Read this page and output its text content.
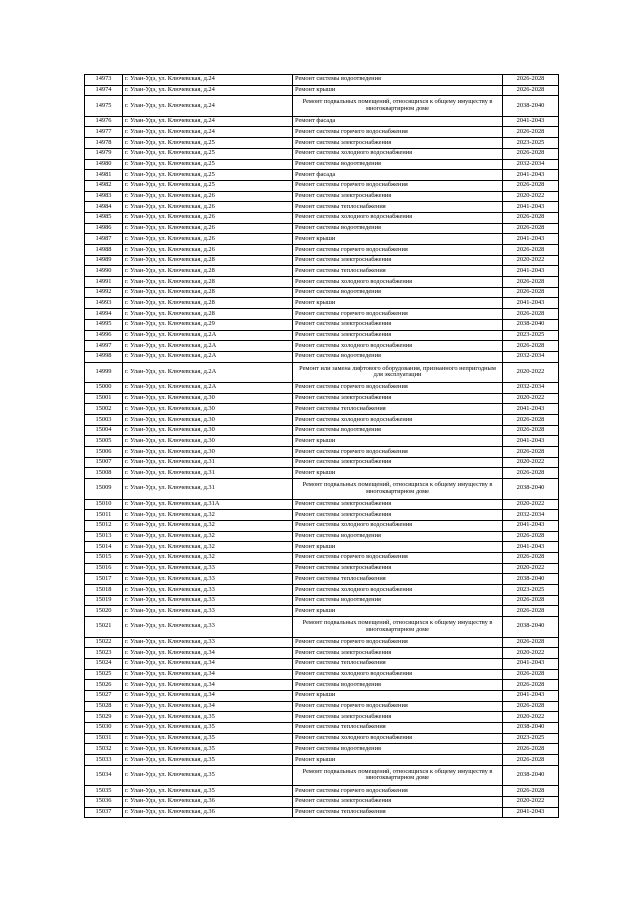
14973	г. Улан-Удэ, ул. Ключевская, д.24	Ремонт системы водоотведения	2026-2028
14974	г. Улан-Удэ, ул. Ключевская, д.24	Ремонт крыши	2026-2028
14975	г. Улан-Удэ, ул. Ключевская, д.24	Ремонт подвальных помещений, относящихся к общему имуществу в многоквартирном доме	2038-2040
14976	г. Улан-Удэ, ул. Ключевская, д.24	Ремонт фасада	2041-2043
14977	г. Улан-Удэ, ул. Ключевская, д.24	Ремонт системы горячего водоснабжения	2026-2028
14978	г. Улан-Удэ, ул. Ключевская, д.25	Ремонт системы электроснабжения	2023-2025
14979	г. Улан-Удэ, ул. Ключевская, д.25	Ремонт системы холодного водоснабжения	2026-2028
14980	г. Улан-Удэ, ул. Ключевская, д.25	Ремонт системы водоотведения	2032-2034
14981	г. Улан-Удэ, ул. Ключевская, д.25	Ремонт фасада	2041-2043
14982	г. Улан-Удэ, ул. Ключевская, д.25	Ремонт системы горячего водоснабжения	2026-2028
14983	г. Улан-Удэ, ул. Ключевская, д.26	Ремонт системы электроснабжения	2020-2022
14984	г. Улан-Удэ, ул. Ключевская, д.26	Ремонт системы теплоснабжения	2041-2043
14985	г. Улан-Удэ, ул. Ключевская, д.26	Ремонт системы холодного водоснабжения	2026-2028
14986	г. Улан-Удэ, ул. Ключевская, д.26	Ремонт системы водоотведения	2026-2028
14987	г. Улан-Удэ, ул. Ключевская, д.26	Ремонт крыши	2041-2043
14988	г. Улан-Удэ, ул. Ключевская, д.26	Ремонт системы горячего водоснабжения	2026-2028
14989	г. Улан-Удэ, ул. Ключевская, д.28	Ремонт системы электроснабжения	2020-2022
14990	г. Улан-Удэ, ул. Ключевская, д.28	Ремонт системы теплоснабжения	2041-2043
14991	г. Улан-Удэ, ул. Ключевская, д.28	Ремонт системы холодного водоснабжения	2026-2028
14992	г. Улан-Удэ, ул. Ключевская, д.28	Ремонт системы водоотведения	2026-2028
14993	г. Улан-Удэ, ул. Ключевская, д.28	Ремонт крыши	2041-2043
14994	г. Улан-Удэ, ул. Ключевская, д.28	Ремонт системы горячего водоснабжения	2026-2028
14995	г. Улан-Удэ, ул. Ключевская, д.29	Ремонт системы электроснабжения	2038-2040
14996	г. Улан-Удэ, ул. Ключевская, д.2А	Ремонт системы электроснабжения	2023-2025
14997	г. Улан-Удэ, ул. Ключевская, д.2А	Ремонт системы холодного водоснабжения	2026-2028
14998	г. Улан-Удэ, ул. Ключевская, д.2А	Ремонт системы водоотведения	2032-2034
14999	г. Улан-Удэ, ул. Ключевская, д.2А	Ремонт или замена лифтового оборудования, признанного непригодным для эксплуатации	2020-2022
15000	г. Улан-Удэ, ул. Ключевская, д.2А	Ремонт системы горячего водоснабжения	2032-2034
15001	г. Улан-Удэ, ул. Ключевская, д.30	Ремонт системы электроснабжения	2020-2022
15002	г. Улан-Удэ, ул. Ключевская, д.30	Ремонт системы теплоснабжения	2041-2043
15003	г. Улан-Удэ, ул. Ключевская, д.30	Ремонт системы холодного водоснабжения	2026-2028
15004	г. Улан-Удэ, ул. Ключевская, д.30	Ремонт системы водоотведения	2026-2028
15005	г. Улан-Удэ, ул. Ключевская, д.30	Ремонт крыши	2041-2043
15006	г. Улан-Удэ, ул. Ключевская, д.30	Ремонт системы горячего водоснабжения	2026-2028
15007	г. Улан-Удэ, ул. Ключевская, д.31	Ремонт системы электроснабжения	2020-2022
15008	г. Улан-Удэ, ул. Ключевская, д.31	Ремонт крыши	2026-2028
15009	г. Улан-Удэ, ул. Ключевская, д.31	Ремонт подвальных помещений, относящихся к общему имуществу в многоквартирном доме	2038-2040
15010	г. Улан-Удэ, ул. Ключевская, д.31А	Ремонт системы электроснабжения	2020-2022
15011	г. Улан-Удэ, ул. Ключевская, д.32	Ремонт системы электроснабжения	2032-2034
15012	г. Улан-Удэ, ул. Ключевская, д.32	Ремонт системы холодного водоснабжения	2041-2043
15013	г. Улан-Удэ, ул. Ключевская, д.32	Ремонт системы водоотведения	2026-2028
15014	г. Улан-Удэ, ул. Ключевская, д.32	Ремонт крыши	2041-2043
15015	г. Улан-Удэ, ул. Ключевская, д.32	Ремонт системы горячего водоснабжения	2026-2028
15016	г. Улан-Удэ, ул. Ключевская, д.33	Ремонт системы электроснабжения	2020-2022
15017	г. Улан-Удэ, ул. Ключевская, д.33	Ремонт системы теплоснабжения	2038-2040
15018	г. Улан-Удэ, ул. Ключевская, д.33	Ремонт системы холодного водоснабжения	2023-2025
15019	г. Улан-Удэ, ул. Ключевская, д.33	Ремонт системы водоотведения	2026-2028
15020	г. Улан-Удэ, ул. Ключевская, д.33	Ремонт крыши	2026-2028
15021	г. Улан-Удэ, ул. Ключевская, д.33	Ремонт подвальных помещений, относящихся к общему имуществу в многоквартирном доме	2038-2040
15022	г. Улан-Удэ, ул. Ключевская, д.33	Ремонт системы горячего водоснабжения	2026-2028
15023	г. Улан-Удэ, ул. Ключевская, д.34	Ремонт системы электроснабжения	2020-2022
15024	г. Улан-Удэ, ул. Ключевская, д.34	Ремонт системы теплоснабжения	2041-2043
15025	г. Улан-Удэ, ул. Ключевская, д.34	Ремонт системы холодного водоснабжения	2026-2028
15026	г. Улан-Удэ, ул. Ключевская, д.34	Ремонт системы водоотведения	2026-2028
15027	г. Улан-Удэ, ул. Ключевская, д.34	Ремонт крыши	2041-2043
15028	г. Улан-Удэ, ул. Ключевская, д.34	Ремонт системы горячего водоснабжения	2026-2028
15029	г. Улан-Удэ, ул. Ключевская, д.35	Ремонт системы электроснабжения	2020-2022
15030	г. Улан-Удэ, ул. Ключевская, д.35	Ремонт системы теплоснабжения	2038-2040
15031	г. Улан-Удэ, ул. Ключевская, д.35	Ремонт системы холодного водоснабжения	2023-2025
15032	г. Улан-Удэ, ул. Ключевская, д.35	Ремонт системы водоотведения	2026-2028
15033	г. Улан-Удэ, ул. Ключевская, д.35	Ремонт крыши	2026-2028
15034	г. Улан-Удэ, ул. Ключевская, д.35	Ремонт подвальных помещений, относящихся к общему имуществу в многоквартирном доме	2038-2040
15035	г. Улан-Удэ, ул. Ключевская, д.35	Ремонт системы горячего водоснабжения	2026-2028
15036	г. Улан-Удэ, ул. Ключевская, д.36	Ремонт системы электроснабжения	2020-2022
15037	г. Улан-Удэ, ул. Ключевская, д.36	Ремонт системы теплоснабжения	2041-2043
